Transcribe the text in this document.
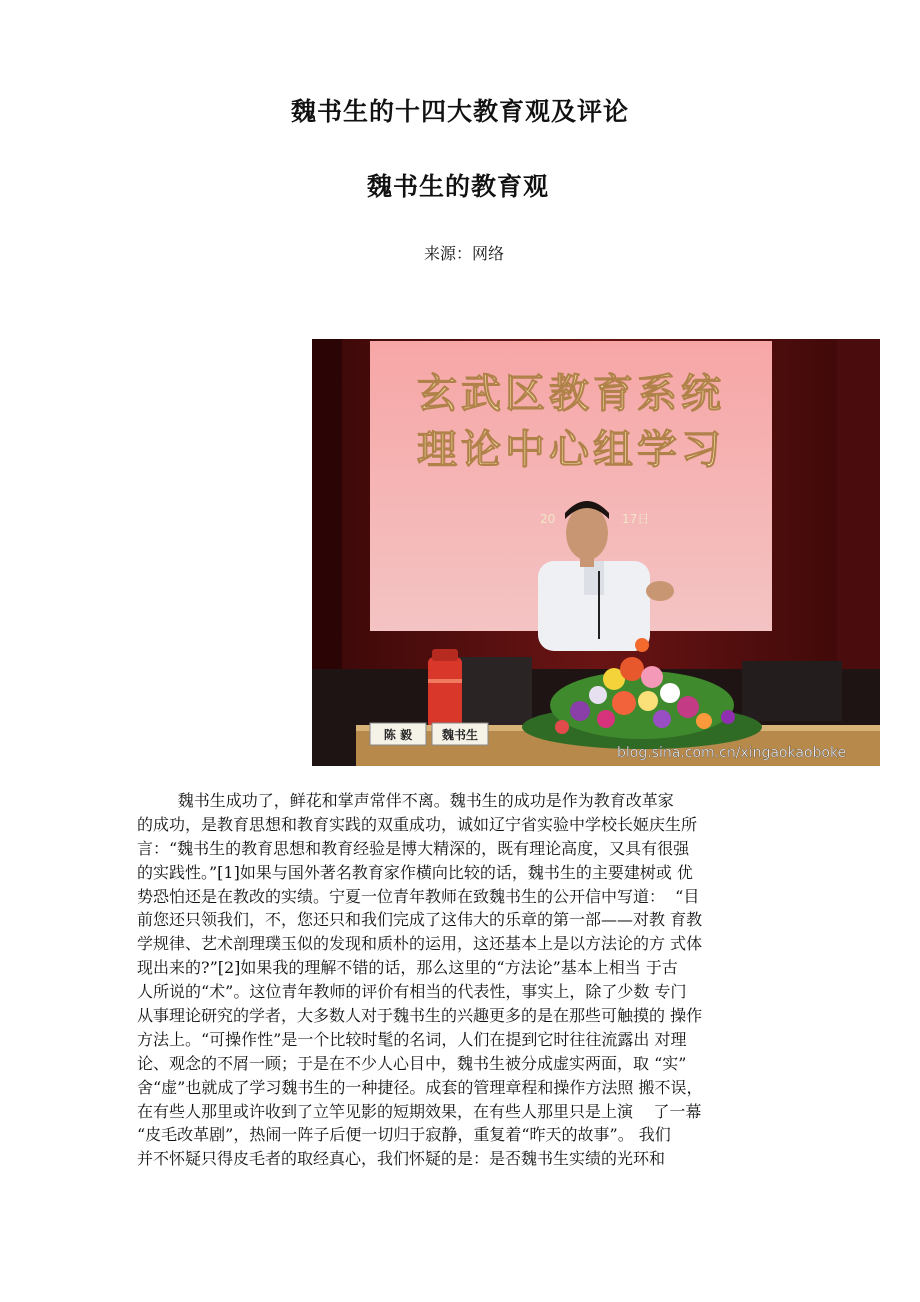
魏书生的十四大教育观及评论
魏书生的教育观
来源：网络
玄武区教育系统
理论中心组学习
20	17日
陈 毅 魏书生
blog.sina.com.cn/xingaokaoboke
魏书生成功了，鲜花和掌声常伴不离。魏书生的成功是作为教育改革家
的成功，是教育思想和教育实践的双重成功，诚如辽宁省实验中学校长姬庆生所
言：“魏书生的教育思想和教育经验是博大精深的，既有理论高度，又具有很强
的实践性。”[1]如果与国外著名教育家作横向比较的话，魏书生的主要建树或 优
势恐怕还是在教改的实绩。宁夏一位青年教师在致魏书生的公开信中写道：  “目
前您还只领我们，不，您还只和我们完成了这伟大的乐章的第一部——对教 育教
学规律、艺术剖理璞玉似的发现和质朴的运用，这还基本上是以方法论的方 式体
现出来的?”[2]如果我的理解不错的话，那么这里的“方法论”基本上相当 于古
人所说的“术”。这位青年教师的评价有相当的代表性，事实上，除了少数 专门
从事理论研究的学者，大多数人对于魏书生的兴趣更多的是在那些可触摸的 操作
方法上。“可操作性”是一个比较时髦的名词，人们在提到它时往往流露出 对理
论、观念的不屑一顾；于是在不少人心目中，魏书生被分成虚实两面，取 “实”
舍“虚”也就成了学习魏书生的一种捷径。成套的管理章程和操作方法照 搬不误，
在有些人那里或许收到了立竿见影的短期效果，在有些人那里只是上演    了一幕
“皮毛改革剧”，热闹一阵子后便一切归于寂静，重复着“昨天的故事”。 我们
并不怀疑只得皮毛者的取经真心，我们怀疑的是：是否魏书生实绩的光环和
